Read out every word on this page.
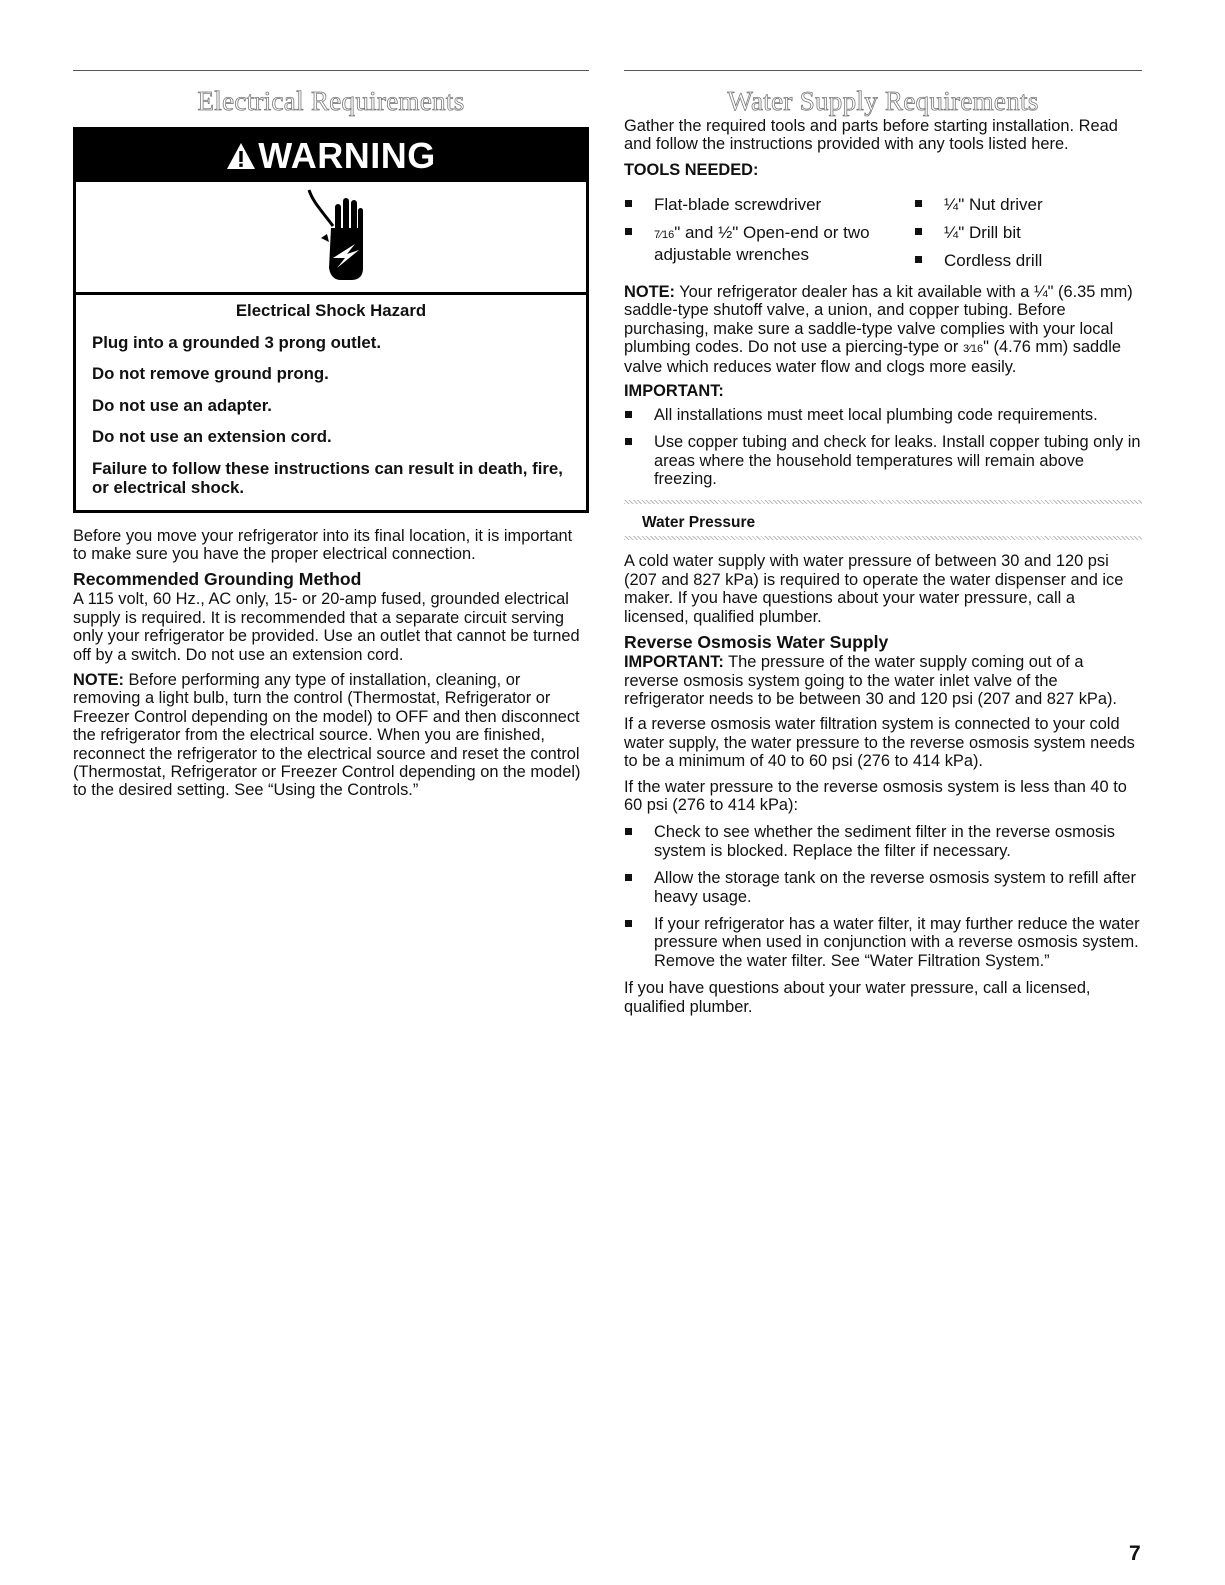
Electrical Requirements
WARNING
Electrical Shock Hazard
Plug into a grounded 3 prong outlet.
Do not remove ground prong.
Do not use an adapter.
Do not use an extension cord.
Failure to follow these instructions can result in death, fire, or electrical shock.

Before you move your refrigerator into its final location, it is important to make sure you have the proper electrical connection.

Recommended Grounding Method

A 115 volt, 60 Hz., AC only, 15- or 20-amp fused, grounded electrical supply is required. It is recommended that a separate circuit serving only your refrigerator be provided. Use an outlet that cannot be turned off by a switch. Do not use an extension cord.

NOTE: Before performing any type of installation, cleaning, or removing a light bulb, turn the control (Thermostat, Refrigerator or Freezer Control depending on the model) to OFF and then disconnect the refrigerator from the electrical source. When you are finished, reconnect the refrigerator to the electrical source and reset the control (Thermostat, Refrigerator or Freezer Control depending on the model) to the desired setting. See “Using the Controls.”

Water Supply Requirements

Gather the required tools and parts before starting installation. Read and follow the instructions provided with any tools listed here.

TOOLS NEEDED:
Flat-blade screwdriver
7⁄16" and ½" Open-end or two adjustable wrenches
¼" Nut driver
¼" Drill bit
Cordless drill

NOTE: Your refrigerator dealer has a kit available with a ¼" (6.35 mm) saddle-type shutoff valve, a union, and copper tubing. Before purchasing, make sure a saddle-type valve complies with your local plumbing codes. Do not use a piercing-type or 3⁄16" (4.76 mm) saddle valve which reduces water flow and clogs more easily.

IMPORTANT:
All installations must meet local plumbing code requirements.
Use copper tubing and check for leaks. Install copper tubing only in areas where the household temperatures will remain above freezing.
Water Pressure

A cold water supply with water pressure of between 30 and 120 psi (207 and 827 kPa) is required to operate the water dispenser and ice maker. If you have questions about your water pressure, call a licensed, qualified plumber.

Reverse Osmosis Water Supply

IMPORTANT: The pressure of the water supply coming out of a reverse osmosis system going to the water inlet valve of the refrigerator needs to be between 30 and 120 psi (207 and 827 kPa).

If a reverse osmosis water filtration system is connected to your cold water supply, the water pressure to the reverse osmosis system needs to be a minimum of 40 to 60 psi (276 to 414 kPa).

If the water pressure to the reverse osmosis system is less than 40 to 60 psi (276 to 414 kPa):

Check to see whether the sediment filter in the reverse osmosis system is blocked. Replace the filter if necessary.
Allow the storage tank on the reverse osmosis system to refill after heavy usage.
If your refrigerator has a water filter, it may further reduce the water pressure when used in conjunction with a reverse osmosis system. Remove the water filter. See “Water Filtration System.”

If you have questions about your water pressure, call a licensed, qualified plumber.

7
